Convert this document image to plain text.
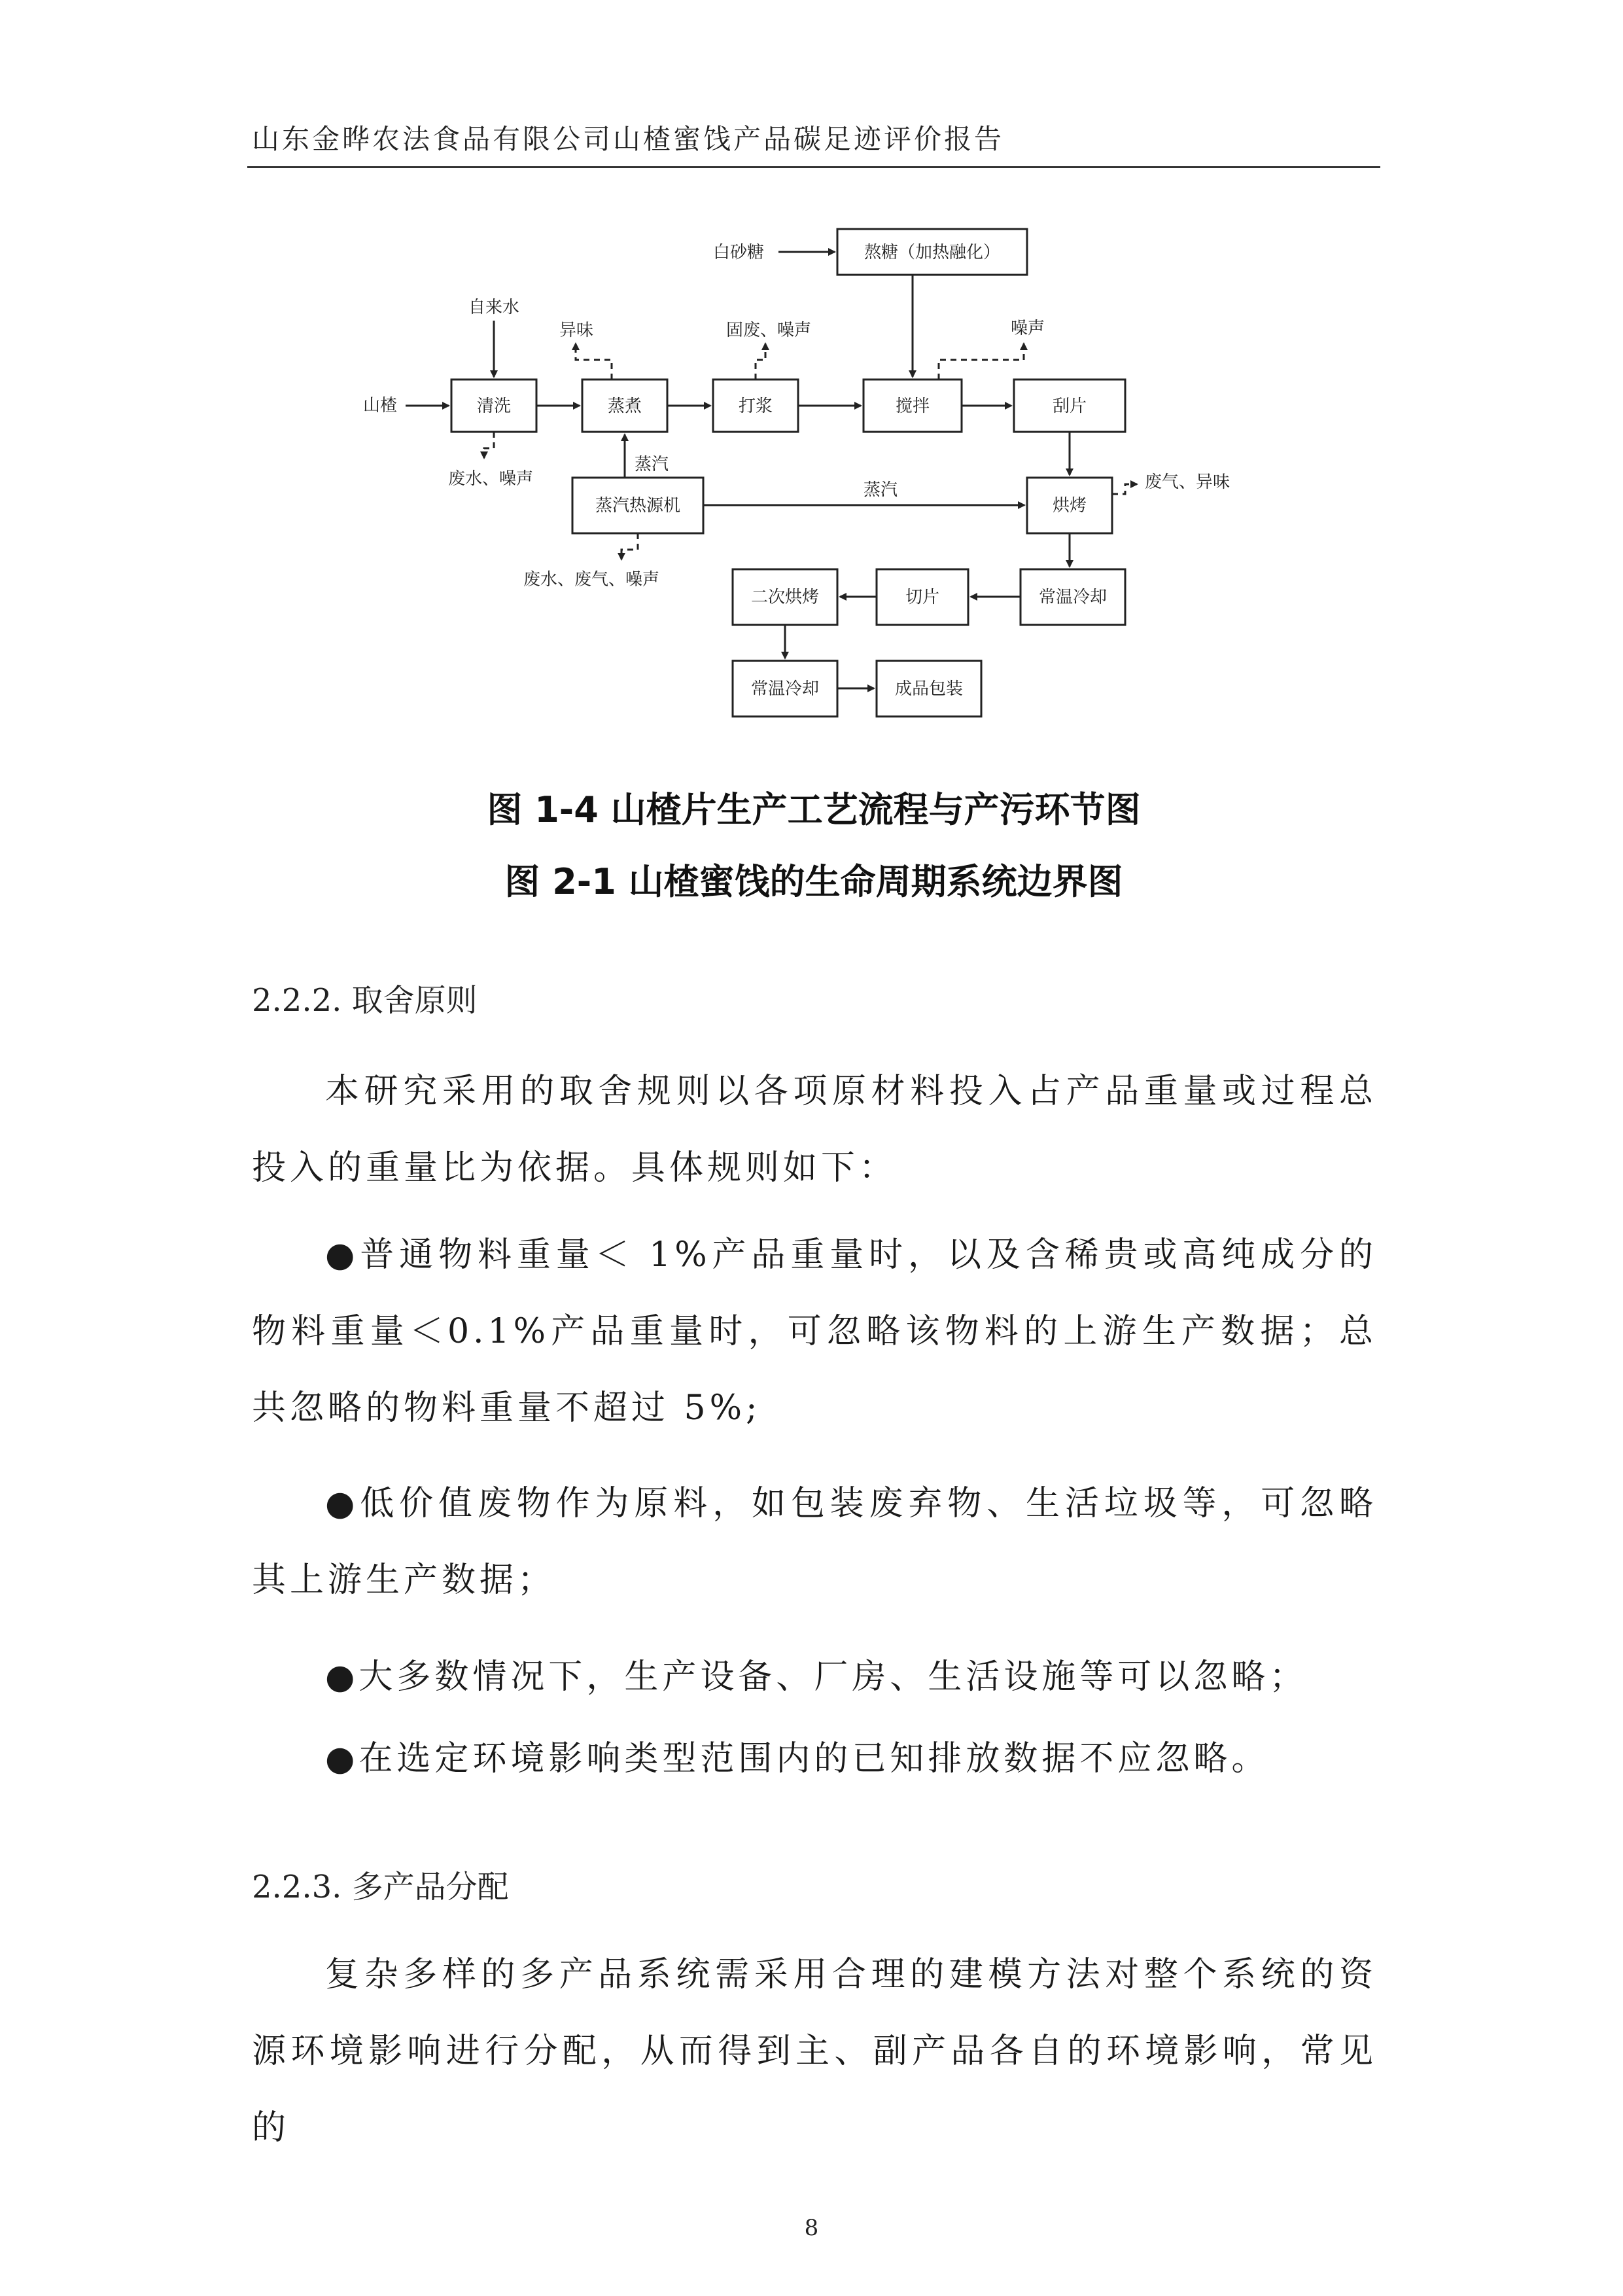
山东金晔农法食品有限公司山楂蜜饯产品碳足迹评价报告
白砂糖	熬糖（加热融化）
自来水
异味	固废、噪声	噪声
山楂	清洗	蒸煮	打浆	搅拌	刮片
废水、噪声
蒸汽
蒸汽热源机
蒸汽
烘烤
废气、异味
废水、废气、噪声
二次烘烤	切片	常温冷却
常温冷却	成品包装
图 1-4 山楂片生产工艺流程与产污环节图
图 2-1 山楂蜜饯的生命周期系统边界图
2.2.2. 取舍原则
本研究采用的取舍规则以各项原材料投入占产品重量或过程总投入的重量比为依据。具体规则如下：
●普通物料重量＜ 1%产品重量时，以及含稀贵或高纯成分的物料重量＜0.1%产品重量时，可忽略该物料的上游生产数据；总共忽略的物料重量不超过 5%;
●低价值废物作为原料，如包装废弃物、生活垃圾等，可忽略其上游生产数据；
●大多数情况下，生产设备、厂房、生活设施等可以忽略；
●在选定环境影响类型范围内的已知排放数据不应忽略。
2.2.3. 多产品分配
复杂多样的多产品系统需采用合理的建模方法对整个系统的资源环境影响进行分配，从而得到主、副产品各自的环境影响，常见的
8
